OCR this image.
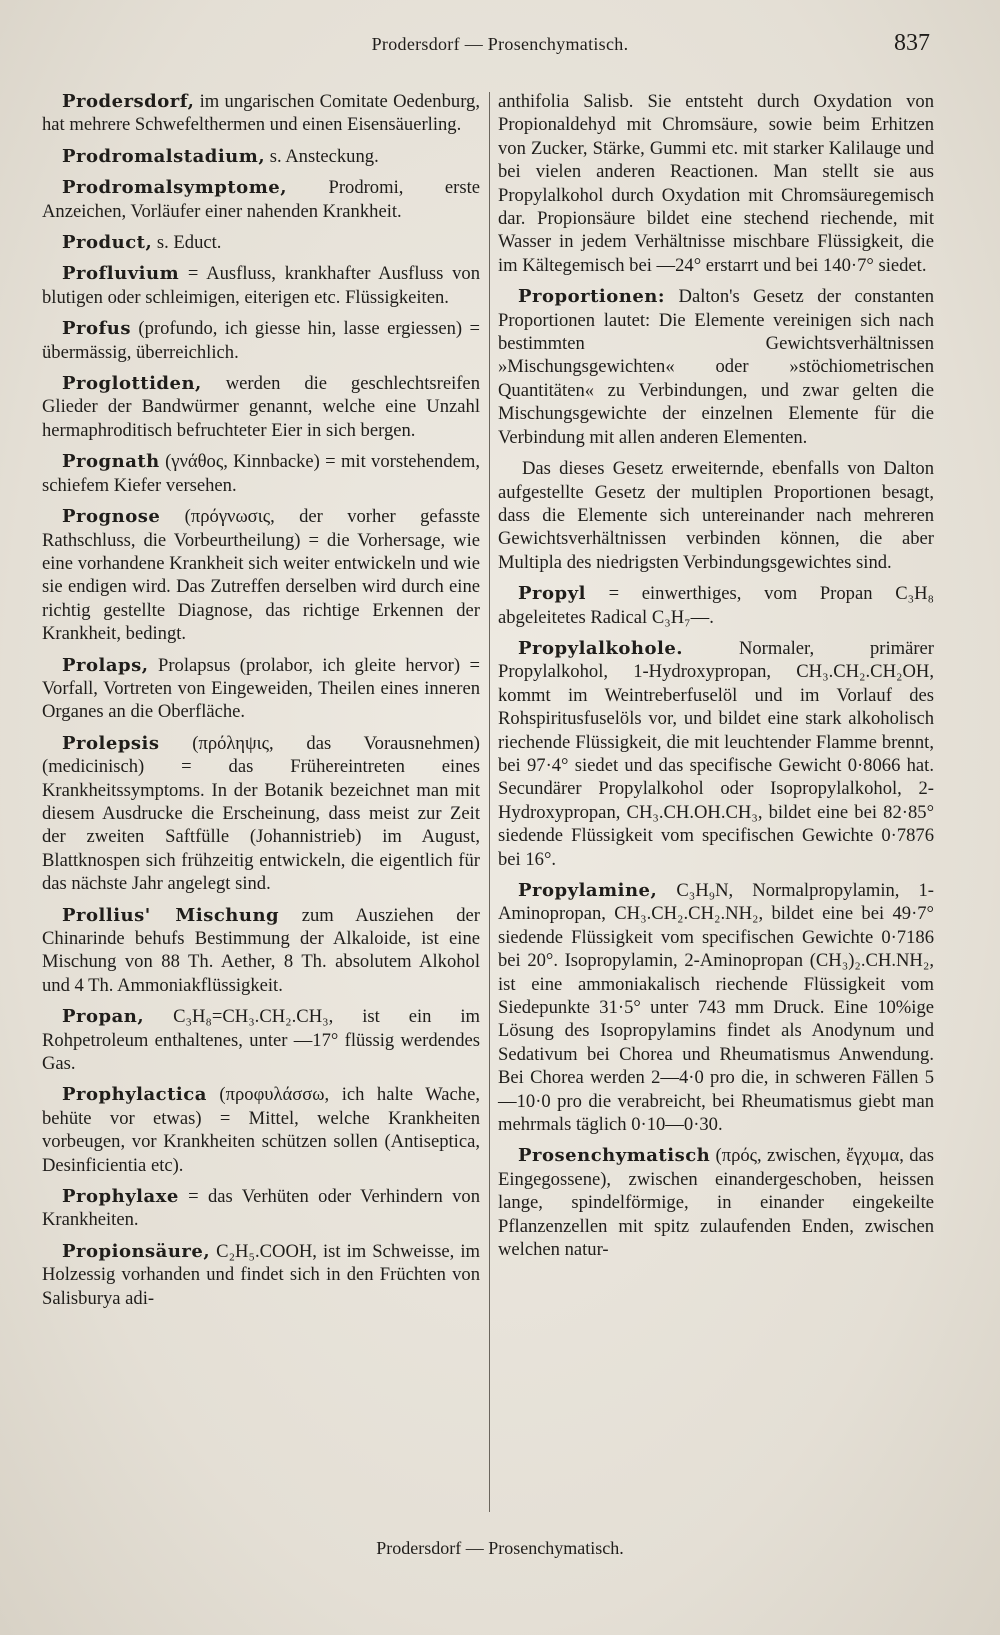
Prodersdorf — Prosenchymatisch.	837

Prodersdorf, im ungarischen Comitate Oedenburg, hat mehrere Schwefelthermen und einen Eisensäuerling.

Prodromalstadium, s. Ansteckung.

Prodromalsymptome, Prodromi, erste Anzeichen, Vorläufer einer nahenden Krankheit.

Product, s. Educt.

Profluvium = Ausfluss, krankhafter Ausfluss von blutigen oder schleimigen, eiterigen etc. Flüssigkeiten.

Profus (profundo, ich giesse hin, lasse ergiessen) = übermässig, überreichlich.

Proglottiden, werden die geschlechtsreifen Glieder der Bandwürmer genannt, welche eine Unzahl hermaphroditisch befruchteter Eier in sich bergen.

Prognath (γνάθος, Kinnbacke) = mit vorstehendem, schiefem Kiefer versehen.

Prognose (πρόγνωσις, der vorher gefasste Rathschluss, die Vorbeurtheilung) = die Vorhersage, wie eine vorhandene Krankheit sich weiter entwickeln und wie sie endigen wird. Das Zutreffen derselben wird durch eine richtig gestellte Diagnose, das richtige Erkennen der Krankheit, bedingt.

Prolaps, Prolapsus (prolabor, ich gleite hervor) = Vorfall, Vortreten von Eingeweiden, Theilen eines inneren Organes an die Oberfläche.

Prolepsis (πρόληψις, das Vorausnehmen) (medicinisch) = das Frühereintreten eines Krankheitssymptoms. In der Botanik bezeichnet man mit diesem Ausdrucke die Erscheinung, dass meist zur Zeit der zweiten Saftfülle (Johannistrieb) im August, Blattknospen sich frühzeitig entwickeln, die eigentlich für das nächste Jahr angelegt sind.

Prollius' Mischung zum Ausziehen der Chinarinde behufs Bestimmung der Alkaloide, ist eine Mischung von 88 Th. Aether, 8 Th. absolutem Alkohol und 4 Th. Ammoniakflüssigkeit.

Propan, C₃H₈=CH₃.CH₂.CH₃, ist ein im Rohpetroleum enthaltenes, unter —17° flüssig werdendes Gas.

Prophylactica (προφυλάσσω, ich halte Wache, behüte vor etwas) = Mittel, welche Krankheiten vorbeugen, vor Krankheiten schützen sollen (Antiseptica, Desinficientia etc).

Prophylaxe = das Verhüten oder Verhindern von Krankheiten.

Propionsäure, C₂H₅.COOH, ist im Schweisse, im Holzessig vorhanden und findet sich in den Früchten von Salisburya adi-

anthifolia Salisb. Sie entsteht durch Oxydation von Propionaldehyd mit Chromsäure, sowie beim Erhitzen von Zucker, Stärke, Gummi etc. mit starker Kalilauge und bei vielen anderen Reactionen. Man stellt sie aus Propylalkohol durch Oxydation mit Chromsäuregemisch dar. Propionsäure bildet eine stechend riechende, mit Wasser in jedem Verhältnisse mischbare Flüssigkeit, die im Kältegemisch bei —24° erstarrt und bei 140·7° siedet.

Proportionen: Dalton's Gesetz der constanten Proportionen lautet: Die Elemente vereinigen sich nach bestimmten Gewichtsverhältnissen »Mischungsgewichten« oder »stöchiometrischen Quantitäten« zu Verbindungen, und zwar gelten die Mischungsgewichte der einzelnen Elemente für die Verbindung mit allen anderen Elementen.

Das dieses Gesetz erweiternde, ebenfalls von Dalton aufgestellte Gesetz der multiplen Proportionen besagt, dass die Elemente sich untereinander nach mehreren Gewichtsverhältnissen verbinden können, die aber Multipla des niedrigsten Verbindungsgewichtes sind.

Propyl = einwerthiges, vom Propan C₃H₈ abgeleitetes Radical C₃H₇—.

Propylalkohole. Normaler, primärer Propylalkohol, 1-Hydroxypropan, CH₃.CH₂.CH₂OH, kommt im Weintreberfuselöl und im Vorlauf des Rohspiritusfuselöls vor, und bildet eine stark alkoholisch riechende Flüssigkeit, die mit leuchtender Flamme brennt, bei 97·4° siedet und das specifische Gewicht 0·8066 hat. Secundärer Propylalkohol oder Isopropylalkohol, 2-Hydroxypropan, CH₃.CH.OH.CH₃, bildet eine bei 82·85° siedende Flüssigkeit vom specifischen Gewichte 0·7876 bei 16°.

Propylamine, C₃H₉N, Normalpropylamin, 1-Aminopropan, CH₃.CH₂.CH₂.NH₂, bildet eine bei 49·7° siedende Flüssigkeit vom specifischen Gewichte 0·7186 bei 20°. Isopropylamin, 2-Aminopropan (CH₃)₂.CH.NH₂, ist eine ammoniakalisch riechende Flüssigkeit vom Siedepunkte 31·5° unter 743 mm Druck. Eine 10%ige Lösung des Isopropylamins findet als Anodynum und Sedativum bei Chorea und Rheumatismus Anwendung. Bei Chorea werden 2—4·0 pro die, in schweren Fällen 5—10·0 pro die verabreicht, bei Rheumatismus giebt man mehrmals täglich 0·10—0·30.

Prosenchymatisch (πρός, zwischen, ἔγχυμα, das Eingegossene), zwischen einandergeschoben, heissen lange, spindelförmige, in einander eingekeilte Pflanzenzellen mit spitz zulaufenden Enden, zwischen welchen natur-

Prodersdorf — Prosenchymatisch.
